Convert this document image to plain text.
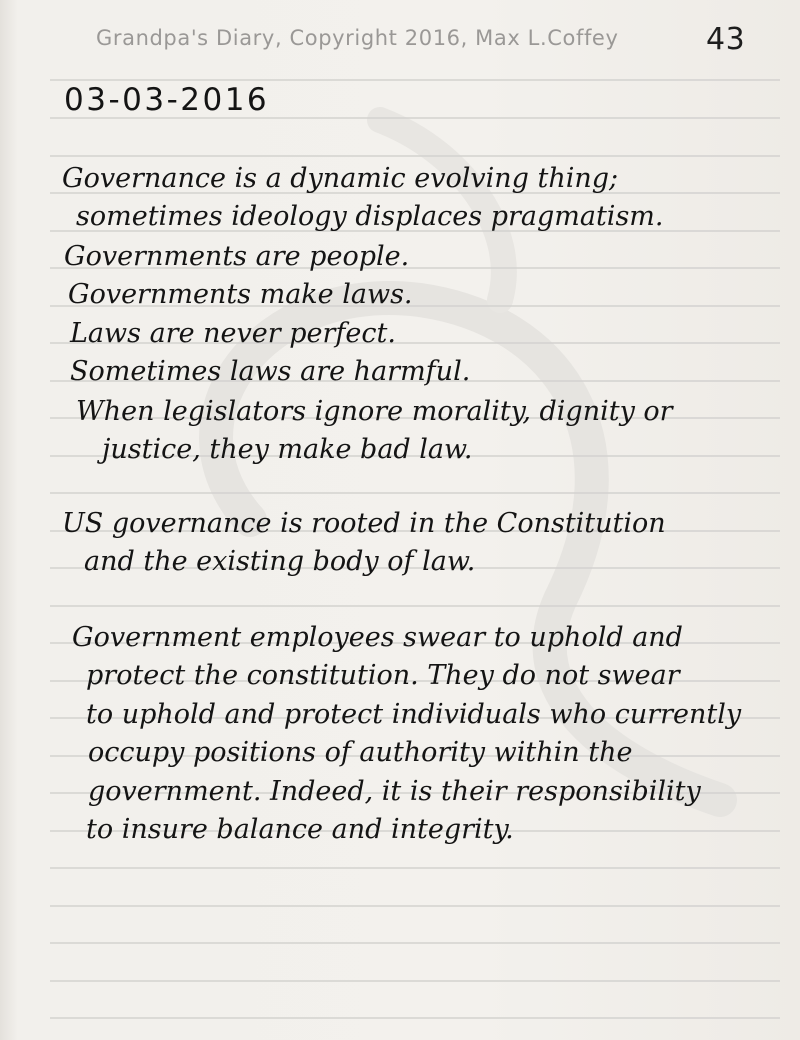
Grandpa's Diary, Copyright 2016, Max L.Coffey	43
03-03-2016
Governance is a dynamic evolving thing;
sometimes ideology displaces pragmatism.
Governments are people.
Governments make laws.
Laws are never perfect.
Sometimes laws are harmful.
When legislators ignore morality, dignity or
justice, they make bad law.
US governance is rooted in the Constitution
and the existing body of law.
Government employees swear to uphold and
protect the constitution. They do not swear
to uphold and protect individuals who currently
occupy positions of authority within the
government. Indeed, it is their responsibility
to insure balance and integrity.
